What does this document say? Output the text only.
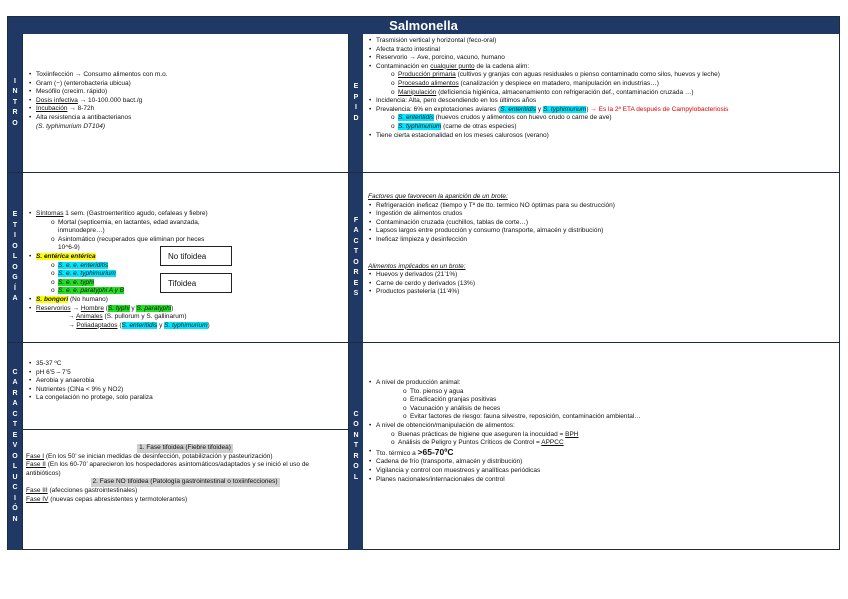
Salmonella
I
N
T
R
O
E
T
I
O
L
O
G
Í
A
C
A
R
A
C
T
E
V
O
L
U
C
I
Ó
N
E
P
I
D
F
A
C
T
O
R
E
S
C
O
N
T
R
O
L
• Toxiinfección → Consumo alimentos con m.o.
• Gram (−) (enterobacteria ubicua)
• Mesófilo (crecim. rápido)
• Dosis infectiva → 10-100.000 bact./g
• Incubación → 8-72h
• Alta resistencia a antibacterianos
(S. typhimurium DT104)
• Síntomas 1 sem. (Gastroenteritico agudo, cefaleas y fiebre)
o Mortal (septicemia, en lactantes, edad avanzada, inmunodepre…)
o Asintomático (recuperados que eliminan por heces 10^6-9)
• S. entérica entérica
o S. e. e. enteriditis
o S. e. e. typhimurium
o S. e. e. typhi
o S. e. e. paratyphi A y B
• S. bongori (No humano)
• Reservorios → Hombre (S. typhi y S. paratyphi)
→ Animales (S. pullorum y S. gallinarum)
→ Poliadaptados (S. enteritidis y S. typhimurium)
No tifoidea
Tifoidea
• 35-37 ºC
• pH 6’5 – 7’5
• Aerobia y anaerobia
• Nutrientes (ClNa < 9% y NO2)
• La congelación no protege, solo paraliza
1. Fase tifoidea (Fiebre tifoidea)
Fase I (En los 50’ se inician medidas de desinfección, potabilización y pasteurización)
Fase II (En los 60-70’ aparecieron los hospedadores asintomáticos/adaptados y se inició el uso de antibióticos)
2. Fase NO tifoidea (Patología gastrointestinal o toxiinfecciones)
Fase III (afecciones gastrointestinales)
Fase IV (nuevas cepas abresistentes y termotolerantes)
• Trasmisión vertical y horizontal (feco-oral)
• Afecta tracto intestinal
• Reservorio → Ave, porcino, vacuno, humano
• Contaminación en cualquier punto de la cadena alim:
o Producción primaria (cultivos y granjas con aguas residuales o pienso contaminado como silos, huevos y leche)
o Procesado alimentos (canalización y despiece en matadero, manipulación en industrias…)
o Manipulación (deficiencia higiénica, almacenamiento con refrigeración def., contaminación cruzada …)
• Incidencia: Alta, pero descendiendo en los últimos años
• Prevalencia: 6% en explotaciones aviares (S. enteritidis y S. typhimurium) → Es la 2ª ETA después de Campylobacteriosis
o S. enteritidis (huevos crudos y alimentos con huevo crudo o carne de ave)
o S. typhimurium (carne de otras especies)
• Tiene cierta estacionalidad en los meses calurosos (verano)
Factores que favorecen la aparición de un brote:
• Refrigeración ineficaz (tiempo y Tª de tto. termico NO óptimas para su destrucción)
• Ingestión de alimentos crudos
• Contaminación cruzada (cuchillos, tablas de corte…)
• Lapsos largos entre producción y consumo (transporte, almacén y distribución)
• Ineficaz limpieza y desinfección
Alimentos implicados en un brote:
• Huevos y derivados (21’1%)
• Carne de cerdo y derivados (13%)
• Productos pastelería (11’4%)
• A nivel de producción animal:
o Tto. pienso y agua
o Erradicación granjas positivas
o Vacunación y análisis de heces
o Evitar factores de riesgo: fauna silvestre, reposición, contaminación ambiental…
• A nivel de obtención/manipulación de alimentos:
o Buenas prácticas de higiene que aseguren la inocuidad = BPH
o Análisis de Peligro y Puntos Críticos de Control = APPCC
• Tto. térmico a >65-70ºC
• Cadena de frío (transporte, almacén y distribución)
• Vigilancia y control con muestreos y analíticas periódicas
• Planes nacionales/internacionales de control
